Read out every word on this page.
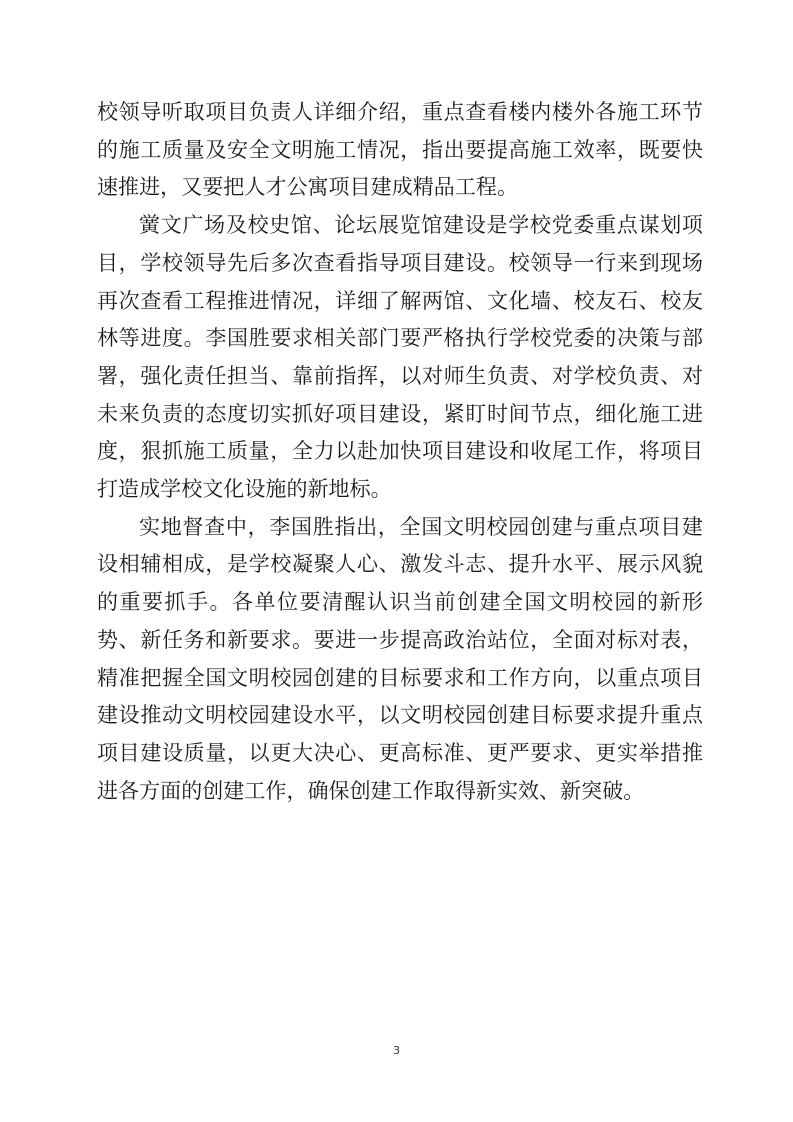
校领导听取项目负责人详细介绍，重点查看楼内楼外各施工环节的施工质量及安全文明施工情况，指出要提高施工效率，既要快速推进，又要把人才公寓项目建成精品工程。

黉文广场及校史馆、论坛展览馆建设是学校党委重点谋划项目，学校领导先后多次查看指导项目建设。校领导一行来到现场再次查看工程推进情况，详细了解两馆、文化墙、校友石、校友林等进度。李国胜要求相关部门要严格执行学校党委的决策与部署，强化责任担当、靠前指挥，以对师生负责、对学校负责、对未来负责的态度切实抓好项目建设，紧盯时间节点，细化施工进度，狠抓施工质量，全力以赴加快项目建设和收尾工作，将项目打造成学校文化设施的新地标。

实地督查中，李国胜指出，全国文明校园创建与重点项目建设相辅相成，是学校凝聚人心、激发斗志、提升水平、展示风貌的重要抓手。各单位要清醒认识当前创建全国文明校园的新形势、新任务和新要求。要进一步提高政治站位，全面对标对表，精准把握全国文明校园创建的目标要求和工作方向，以重点项目建设推动文明校园建设水平，以文明校园创建目标要求提升重点项目建设质量，以更大决心、更高标准、更严要求、更实举措推进各方面的创建工作，确保创建工作取得新实效、新突破。

3
